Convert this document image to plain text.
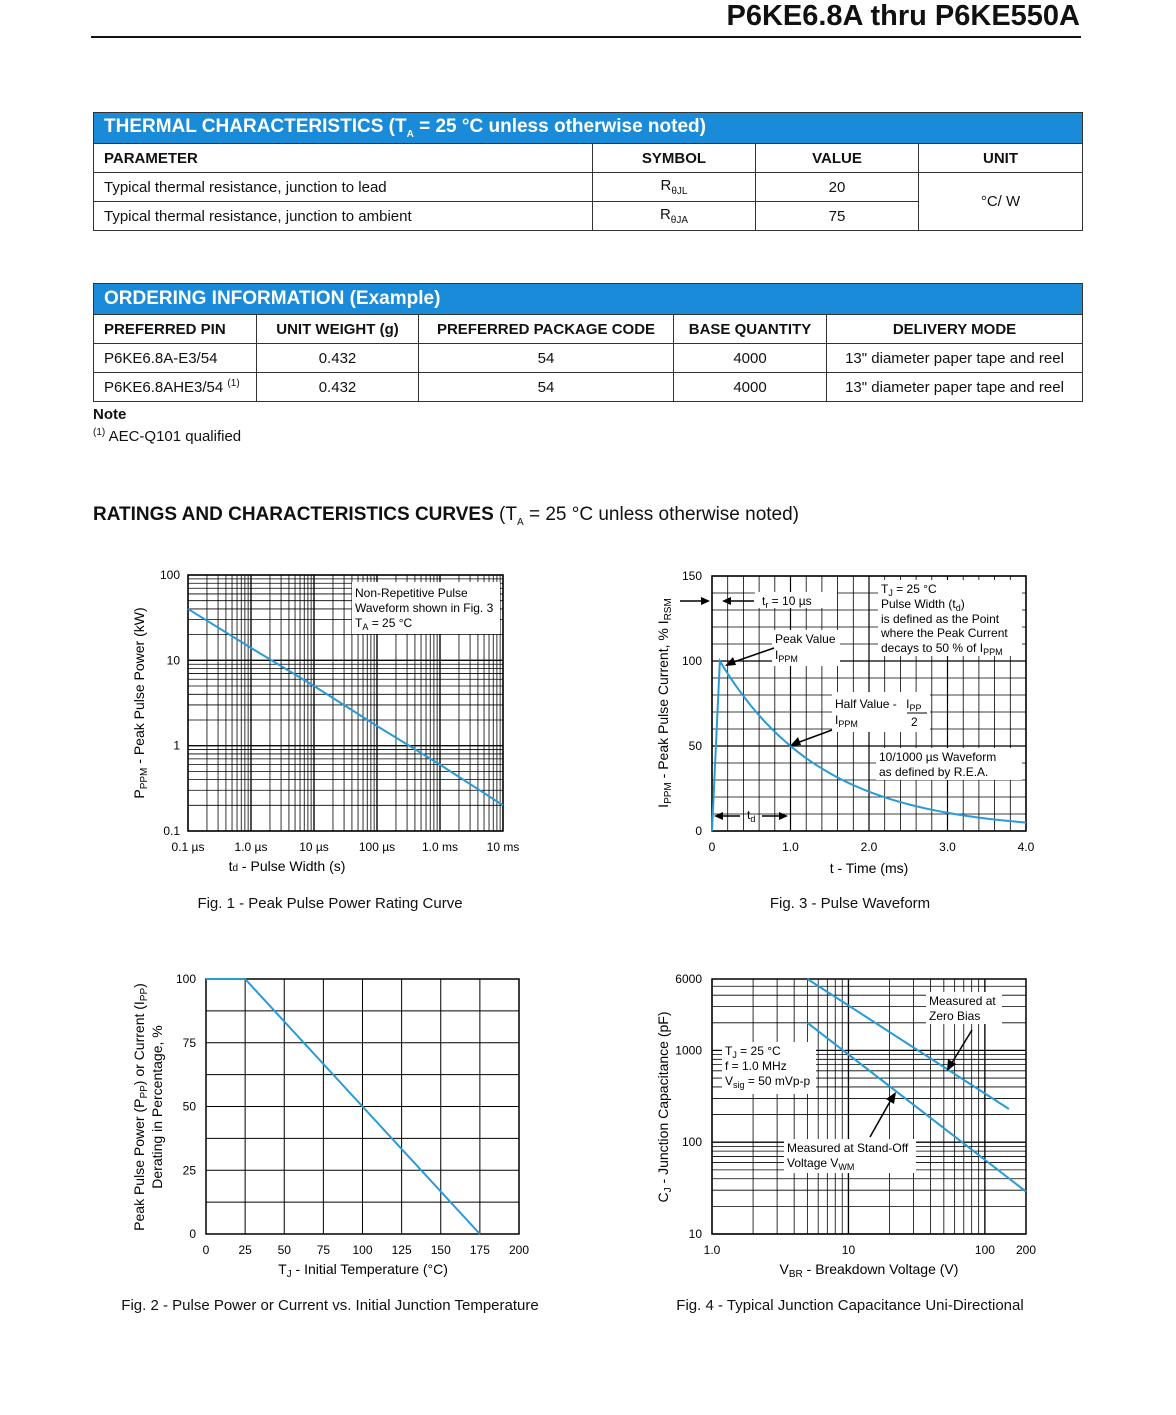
P6KE6.8A thru P6KE550A
THERMAL CHARACTERISTICS ($T_A = 25$ °C unless otherwise noted)			
PARAMETER	SYMBOL	VALUE	UNIT
Typical thermal resistance, junction to lead	$R_{\theta JL}$	20	°C/ W
Typical thermal resistance, junction to ambient	$R_{\theta JA}$	75	
ORDERING INFORMATION (Example)				
PREFERRED PIN	UNIT WEIGHT (g)	PREFERRED PACKAGE CODE	BASE QUANTITY	DELIVERY MODE
P6KE6.8A-E3/54	0.432	54	4000	13" diameter paper tape and reel
P6KE6.8AHE3/54 $^{(1)}$	0.432	54	4000	13" diameter paper tape and reel
Note
$^{(1)}$ AEC-Q101 qualified
RATINGS AND CHARACTERISTICS CURVES ($T_A = 25$ °C unless otherwise noted)
100
10
1
0.1
0.1 µs	1.0 µs	10 µs	100 µs 1.0 ms 10 ms
Non-Repetitive Pulse
Waveform shown in Fig. 3
$T_A = 25$ °C
td - Pulse Width (s)
$P_{PPM}$ - Peak Pulse Power (kW)
Fig. 1 - Peak Pulse Power Rating Curve
150
100
50
0
0	1.0	2.0	3.0	4.0
$T_J = 25$ °C
Pulse Width $(t_d)$
is defined as the Point
where the Peak Current
decays to 50 % of $I_{PPM}$
$t_r = 10$ µs
Peak Value
$I_{PPM}$
Half Value - $I_{PP}$
2
$I_{PPM}$
10/1000 µs Waveform
as defined by R.E.A.
$t_d$
t - Time (ms)
$I_{PPM}$ - Peak Pulse Current, % $I_{RSM}$
Fig. 3 - Pulse Waveform
100
75
50
25
0
0 25 50 75 100 125 150 175 200
$T_J$ - Initial Temperature (°C)
Peak Pulse Power $(P_{PP})$ or Current $(I_{PP})$
Derating in Percentage, %
Fig. 2 - Pulse Power or Current vs. Initial Junction Temperature
6000
1000
100
10
1.0	10	100 200
Measured at
Zero Bias
$T_J = 25$ °C
f = 1.0 MHz
$V_{sig} = 50$ mVp-p
Measured at Stand-Off
Voltage $V_{WM}$
$V_{BR}$ - Breakdown Voltage (V)
$C_J$ - Junction Capacitance (pF)
Fig. 4 - Typical Junction Capacitance Uni-Directional
